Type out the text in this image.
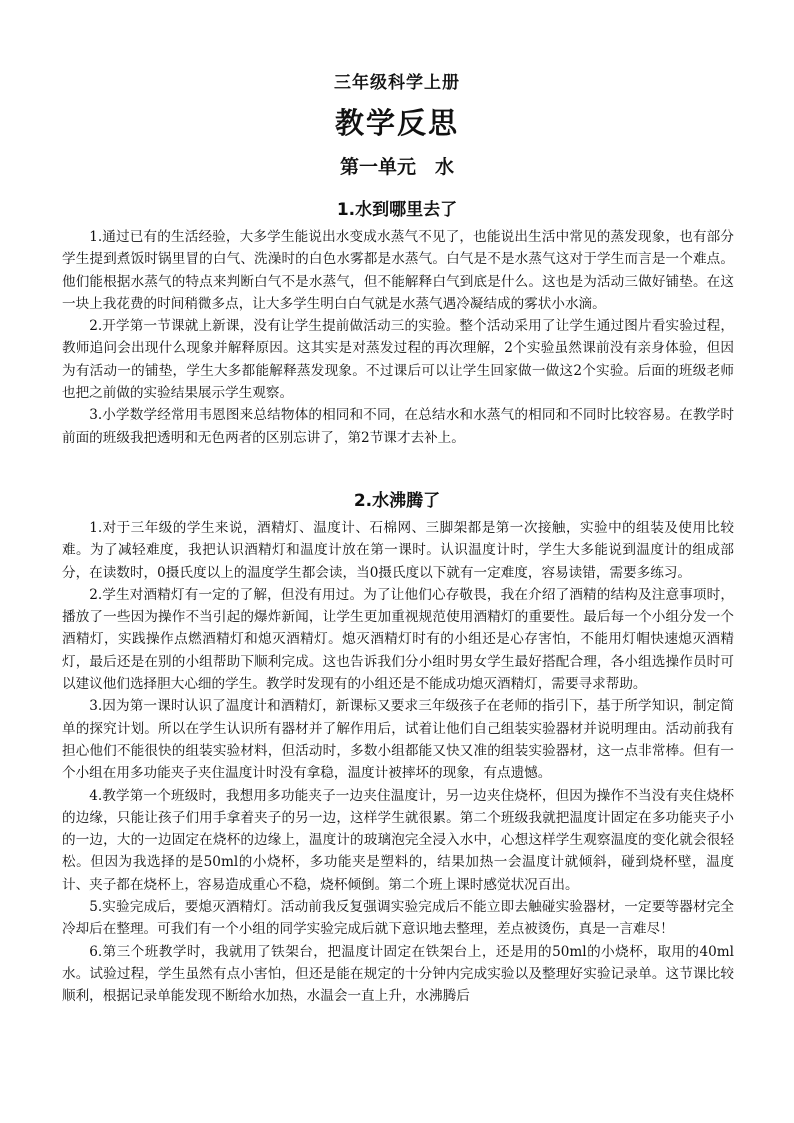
三年级科学上册
教学反思
第一单元　水
1.水到哪里去了

1.通过已有的生活经验，大多学生能说出水变成水蒸气不见了，也能说出生活中常见的蒸发现象，也有部分学生提到煮饭时锅里冒的白气、洗澡时的白色水雾都是水蒸气。白气是不是水蒸气这对于学生而言是一个难点。他们能根据水蒸气的特点来判断白气不是水蒸气，但不能解释白气到底是什么。这也是为活动三做好铺垫。在这一块上我花费的时间稍微多点，让大多学生明白白气就是水蒸气遇冷凝结成的雾状小水滴。

2.开学第一节课就上新课，没有让学生提前做活动三的实验。整个活动采用了让学生通过图片看实验过程，教师追问会出现什么现象并解释原因。这其实是对蒸发过程的再次理解，2个实验虽然课前没有亲身体验，但因为有活动一的铺垫，学生大多都能解释蒸发现象。不过课后可以让学生回家做一做这2个实验。后面的班级老师也把之前做的实验结果展示学生观察。

3.小学数学经常用韦恩图来总结物体的相同和不同，在总结水和水蒸气的相同和不同时比较容易。在教学时前面的班级我把透明和无色两者的区别忘讲了，第2节课才去补上。

2.水沸腾了

1.对于三年级的学生来说，酒精灯、温度计、石棉网、三脚架都是第一次接触，实验中的组装及使用比较难。为了减轻难度，我把认识酒精灯和温度计放在第一课时。认识温度计时，学生大多能说到温度计的组成部分，在读数时，0摄氏度以上的温度学生都会读，当0摄氏度以下就有一定难度，容易读错，需要多练习。

2.学生对酒精灯有一定的了解，但没有用过。为了让他们心存敬畏，我在介绍了酒精的结构及注意事项时，播放了一些因为操作不当引起的爆炸新闻，让学生更加重视规范使用酒精灯的重要性。最后每一个小组分发一个酒精灯，实践操作点燃酒精灯和熄灭酒精灯。熄灭酒精灯时有的小组还是心存害怕，不能用灯帽快速熄灭酒精灯，最后还是在别的小组帮助下顺利完成。这也告诉我们分小组时男女学生最好搭配合理，各小组选操作员时可以建议他们选择胆大心细的学生。教学时发现有的小组还是不能成功熄灭酒精灯，需要寻求帮助。

3.因为第一课时认识了温度计和酒精灯，新课标又要求三年级孩子在老师的指引下，基于所学知识，制定简单的探究计划。所以在学生认识所有器材并了解作用后，试着让他们自己组装实验器材并说明理由。活动前我有担心他们不能很快的组装实验材料，但活动时，多数小组都能又快又准的组装实验器材，这一点非常棒。但有一个小组在用多功能夹子夹住温度计时没有拿稳，温度计被摔坏的现象，有点遗憾。

4.教学第一个班级时，我想用多功能夹子一边夹住温度计，另一边夹住烧杯，但因为操作不当没有夹住烧杯的边缘，只能让孩子们用手拿着夹子的另一边，这样学生就很累。第二个班级我就把温度计固定在多功能夹子小的一边，大的一边固定在烧杯的边缘上，温度计的玻璃泡完全浸入水中，心想这样学生观察温度的变化就会很轻松。但因为我选择的是50ml的小烧杯，多功能夹是塑料的，结果加热一会温度计就倾斜，碰到烧杯壁，温度计、夹子都在烧杯上，容易造成重心不稳，烧杯倾倒。第二个班上课时感觉状况百出。

5.实验完成后，要熄灭酒精灯。活动前我反复强调实验完成后不能立即去触碰实验器材，一定要等器材完全冷却后在整理。可我们有一个小组的同学实验完成后就下意识地去整理，差点被烫伤，真是一言难尽！

6.第三个班教学时，我就用了铁架台，把温度计固定在铁架台上，还是用的50ml的小烧杯，取用的40ml水。试验过程，学生虽然有点小害怕，但还是能在规定的十分钟内完成实验以及整理好实验记录单。这节课比较顺利，根据记录单能发现不断给水加热，水温会一直上升，水沸腾后
